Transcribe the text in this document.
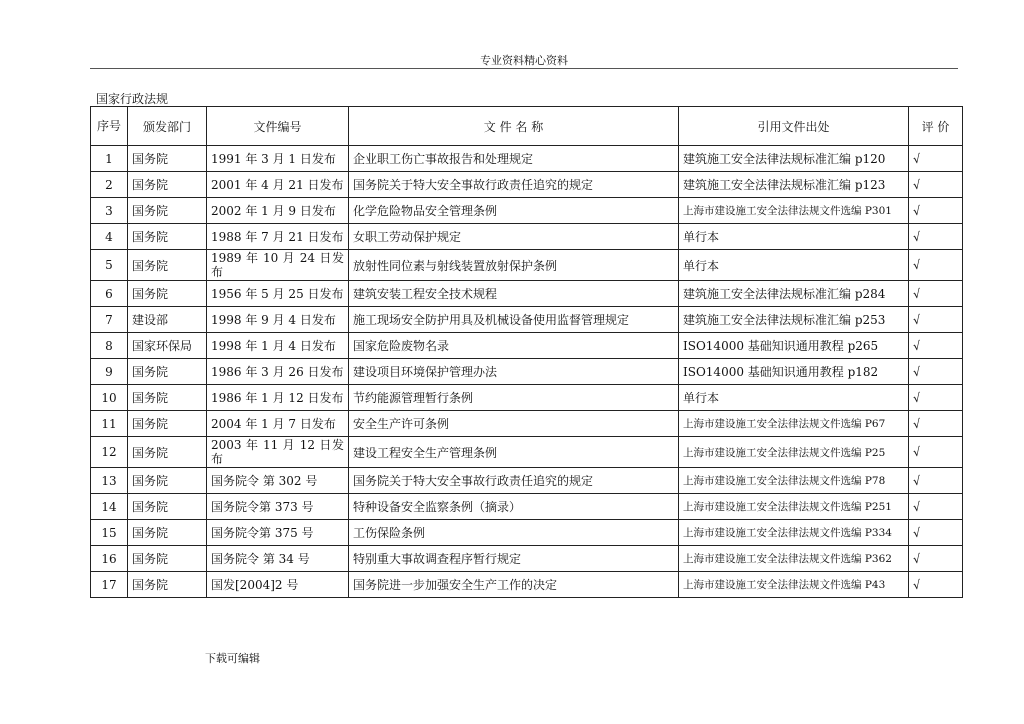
专业资料精心资料
国家行政法规
序号	颁发部门	文件编号	文 件 名 称	引用文件出处	评 价
1	国务院	1991 年 3 月 1 日发布	企业职工伤亡事故报告和处理规定	建筑施工安全法律法规标准汇编 p120	√
2	国务院	2001 年 4 月 21 日发布	国务院关于特大安全事故行政责任追究的规定	建筑施工安全法律法规标准汇编 p123	√
3	国务院	2002 年 1 月 9 日发布	化学危险物品安全管理条例	上海市建设施工安全法律法规文件选编 P301	√
4	国务院	1988 年 7 月 21 日发布	女职工劳动保护规定	单行本	√
5	国务院	1989 年 10 月 24 日发布	放射性同位素与射线装置放射保护条例	单行本	√
6	国务院	1956 年 5 月 25 日发布	建筑安装工程安全技术规程	建筑施工安全法律法规标准汇编 p284	√
7	建设部	1998 年 9 月 4 日发布	施工现场安全防护用具及机械设备使用监督管理规定	建筑施工安全法律法规标准汇编 p253	√
8	国家环保局	1998 年 1 月 4 日发布	国家危险废物名录	ISO14000 基础知识通用教程 p265	√
9	国务院	1986 年 3 月 26 日发布	建设项目环境保护管理办法	ISO14000 基础知识通用教程 p182	√
10	国务院	1986 年 1 月 12 日发布	节约能源管理暂行条例	单行本	√
11	国务院	2004 年 1 月 7 日发布	安全生产许可条例	上海市建设施工安全法律法规文件选编 P67	√
12	国务院	2003 年 11 月 12 日发布	建设工程安全生产管理条例	上海市建设施工安全法律法规文件选编 P25	√
13	国务院	国务院令 第 302 号	国务院关于特大安全事故行政责任追究的规定	上海市建设施工安全法律法规文件选编 P78	√
14	国务院	国务院令第 373 号	特种设备安全监察条例（摘录）	上海市建设施工安全法律法规文件选编 P251	√
15	国务院	国务院令第 375 号	工伤保险条例	上海市建设施工安全法律法规文件选编 P334	√
16	国务院	国务院令 第 34 号	特别重大事故调查程序暂行规定	上海市建设施工安全法律法规文件选编 P362	√
17	国务院	国发[2004]2 号	国务院进一步加强安全生产工作的决定	上海市建设施工安全法律法规文件选编 P43	√
下载可编辑
